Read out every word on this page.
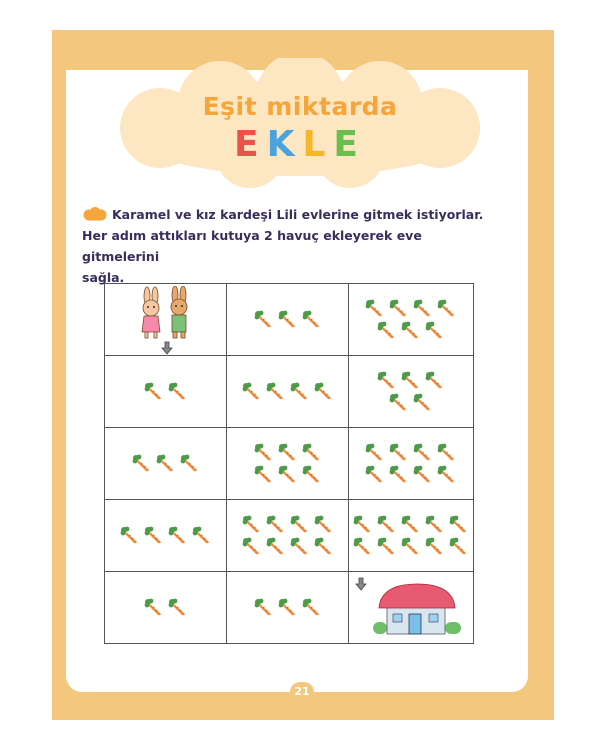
Eşit miktarda
EKLE
Karamel ve kız kardeşi Lili evlerine gitmek istiyorlar.
Her adım attıkları kutuya 2 havuç ekleyerek eve gitmelerini
sağla.

21
